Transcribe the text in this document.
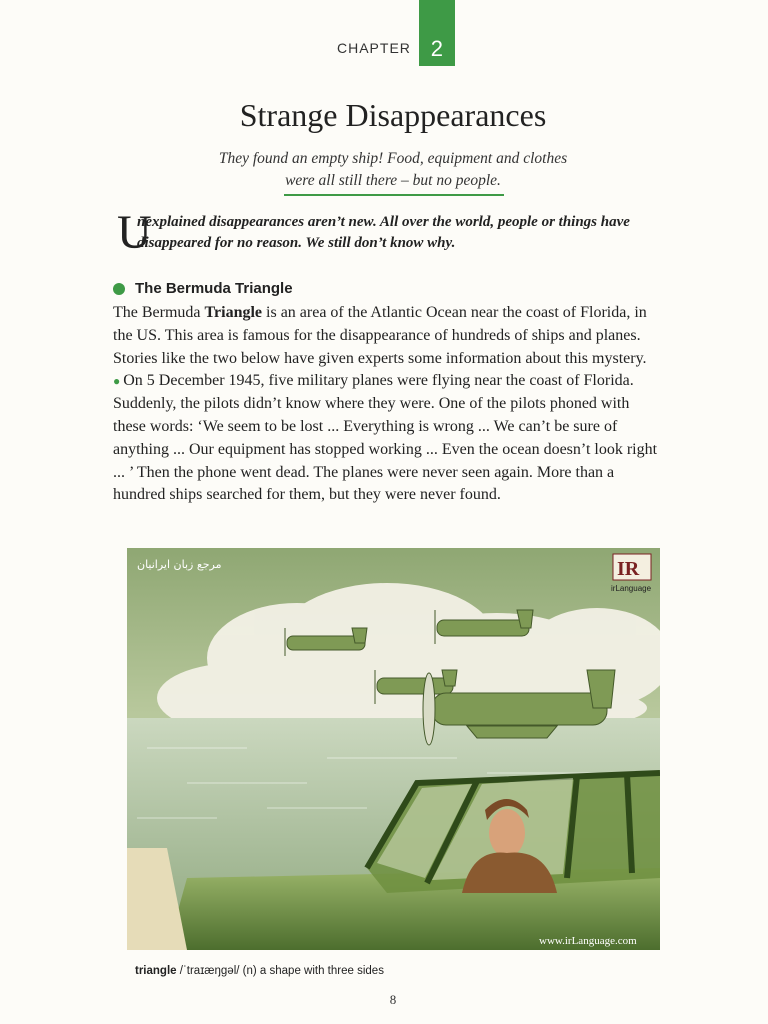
CHAPTER 2
Strange Disappearances
They found an empty ship! Food, equipment and clothes
were all still there – but no people.
U
nexplained disappearances aren’t new. All over the world, people or things have disappeared for no reason. We still don’t know why.
The Bermuda Triangle

The Bermuda Triangle is an area of the Atlantic Ocean near the coast of Florida, in the US. This area is famous for the disappearance of hundreds of ships and planes. Stories like the two below have given experts some information about this mystery.

● On 5 December 1945, five military planes were flying near the coast of Florida. Suddenly, the pilots didn’t know where they were. One of the pilots phoned with these words: ‘We seem to be lost ... Everything is wrong ... We can’t be sure of anything ... Our equipment has stopped working ... Even the ocean doesn’t look right ... ’ Then the phone went dead. The planes were never seen again. More than a hundred ships searched for them, but they were never found.

مرجع زبان ایرانیان	IR
irLanguage
www.irLanguage.com
triangle /ˈtraɪæŋɡəl/ (n) a shape with three sides
8
